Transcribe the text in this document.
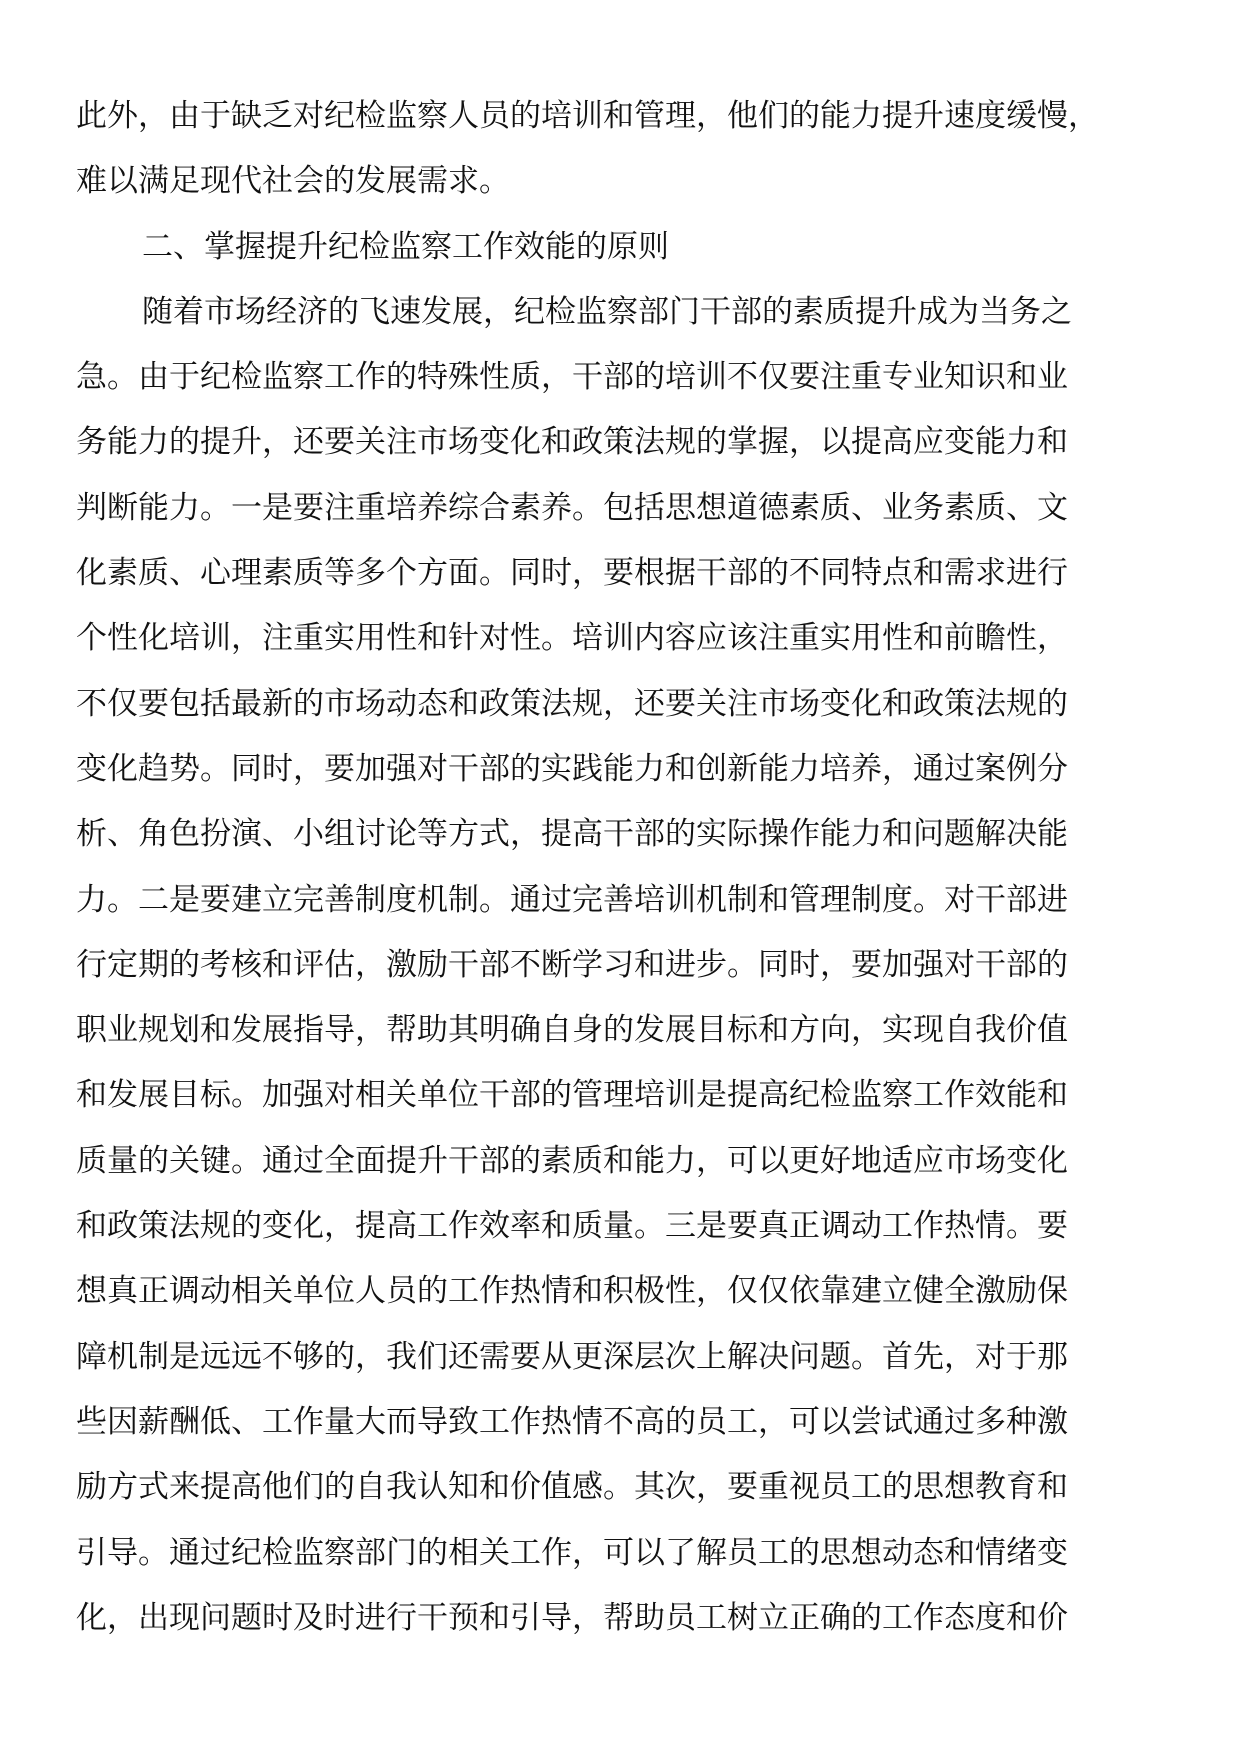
此外，由于缺乏对纪检监察人员的培训和管理，他们的能力提升速度缓慢，
难以满足现代社会的发展需求。
二、掌握提升纪检监察工作效能的原则
随着市场经济的飞速发展，纪检监察部门干部的素质提升成为当务之
急。由于纪检监察工作的特殊性质，干部的培训不仅要注重专业知识和业
务能力的提升，还要关注市场变化和政策法规的掌握，以提高应变能力和
判断能力。一是要注重培养综合素养。包括思想道德素质、业务素质、文
化素质、心理素质等多个方面。同时，要根据干部的不同特点和需求进行
个性化培训，注重实用性和针对性。培训内容应该注重实用性和前瞻性，
不仅要包括最新的市场动态和政策法规，还要关注市场变化和政策法规的
变化趋势。同时，要加强对干部的实践能力和创新能力培养，通过案例分
析、角色扮演、小组讨论等方式，提高干部的实际操作能力和问题解决能
力。二是要建立完善制度机制。通过完善培训机制和管理制度。对干部进
行定期的考核和评估，激励干部不断学习和进步。同时，要加强对干部的
职业规划和发展指导，帮助其明确自身的发展目标和方向，实现自我价值
和发展目标。加强对相关单位干部的管理培训是提高纪检监察工作效能和
质量的关键。通过全面提升干部的素质和能力，可以更好地适应市场变化
和政策法规的变化，提高工作效率和质量。三是要真正调动工作热情。要
想真正调动相关单位人员的工作热情和积极性，仅仅依靠建立健全激励保
障机制是远远不够的，我们还需要从更深层次上解决问题。首先，对于那
些因薪酬低、工作量大而导致工作热情不高的员工，可以尝试通过多种激
励方式来提高他们的自我认知和价值感。其次，要重视员工的思想教育和
引导。通过纪检监察部门的相关工作，可以了解员工的思想动态和情绪变
化，出现问题时及时进行干预和引导，帮助员工树立正确的工作态度和价
